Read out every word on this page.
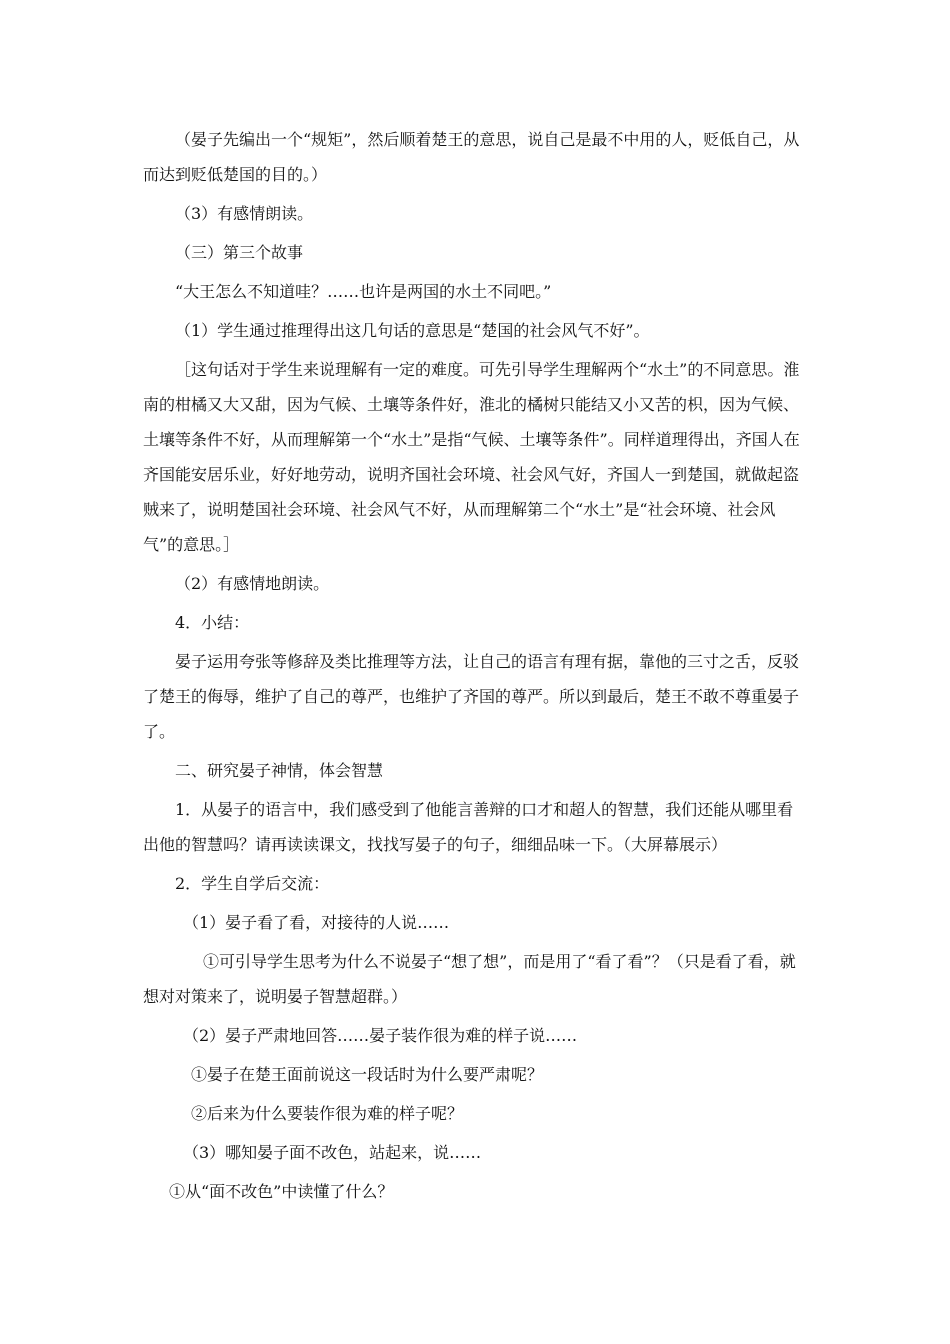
（晏子先编出一个“规矩”，然后顺着楚王的意思，说自己是最不中用的人，贬低自己，从而达到贬低楚国的目的。）

（3）有感情朗读。

（三）第三个故事

“大王怎么不知道哇？……也许是两国的水土不同吧。”

（1）学生通过推理得出这几句话的意思是“楚国的社会风气不好”。

［这句话对于学生来说理解有一定的难度。可先引导学生理解两个“水土”的不同意思。淮南的柑橘又大又甜，因为气候、土壤等条件好，淮北的橘树只能结又小又苦的枳，因为气候、土壤等条件不好，从而理解第一个“水土”是指“气候、土壤等条件”。同样道理得出，齐国人在齐国能安居乐业，好好地劳动，说明齐国社会环境、社会风气好，齐国人一到楚国，就做起盗贼来了，说明楚国社会环境、社会风气不好，从而理解第二个“水土”是“社会环境、社会风气”的意思。］

（2）有感情地朗读。

4．小结：

晏子运用夸张等修辞及类比推理等方法，让自己的语言有理有据，靠他的三寸之舌，反驳了楚王的侮辱，维护了自己的尊严，也维护了齐国的尊严。所以到最后，楚王不敢不尊重晏子了。

二、研究晏子神情，体会智慧

1．从晏子的语言中，我们感受到了他能言善辩的口才和超人的智慧，我们还能从哪里看出他的智慧吗？请再读读课文，找找写晏子的句子，细细品味一下。（大屏幕展示）

2．学生自学后交流：

（1）晏子看了看，对接待的人说……

①可引导学生思考为什么不说晏子“想了想”，而是用了“看了看”？（只是看了看，就想对对策来了，说明晏子智慧超群。）

（2）晏子严肃地回答……晏子装作很为难的样子说……

①晏子在楚王面前说这一段话时为什么要严肃呢？

②后来为什么要装作很为难的样子呢？

（3）哪知晏子面不改色，站起来，说……

①从“面不改色”中读懂了什么？
